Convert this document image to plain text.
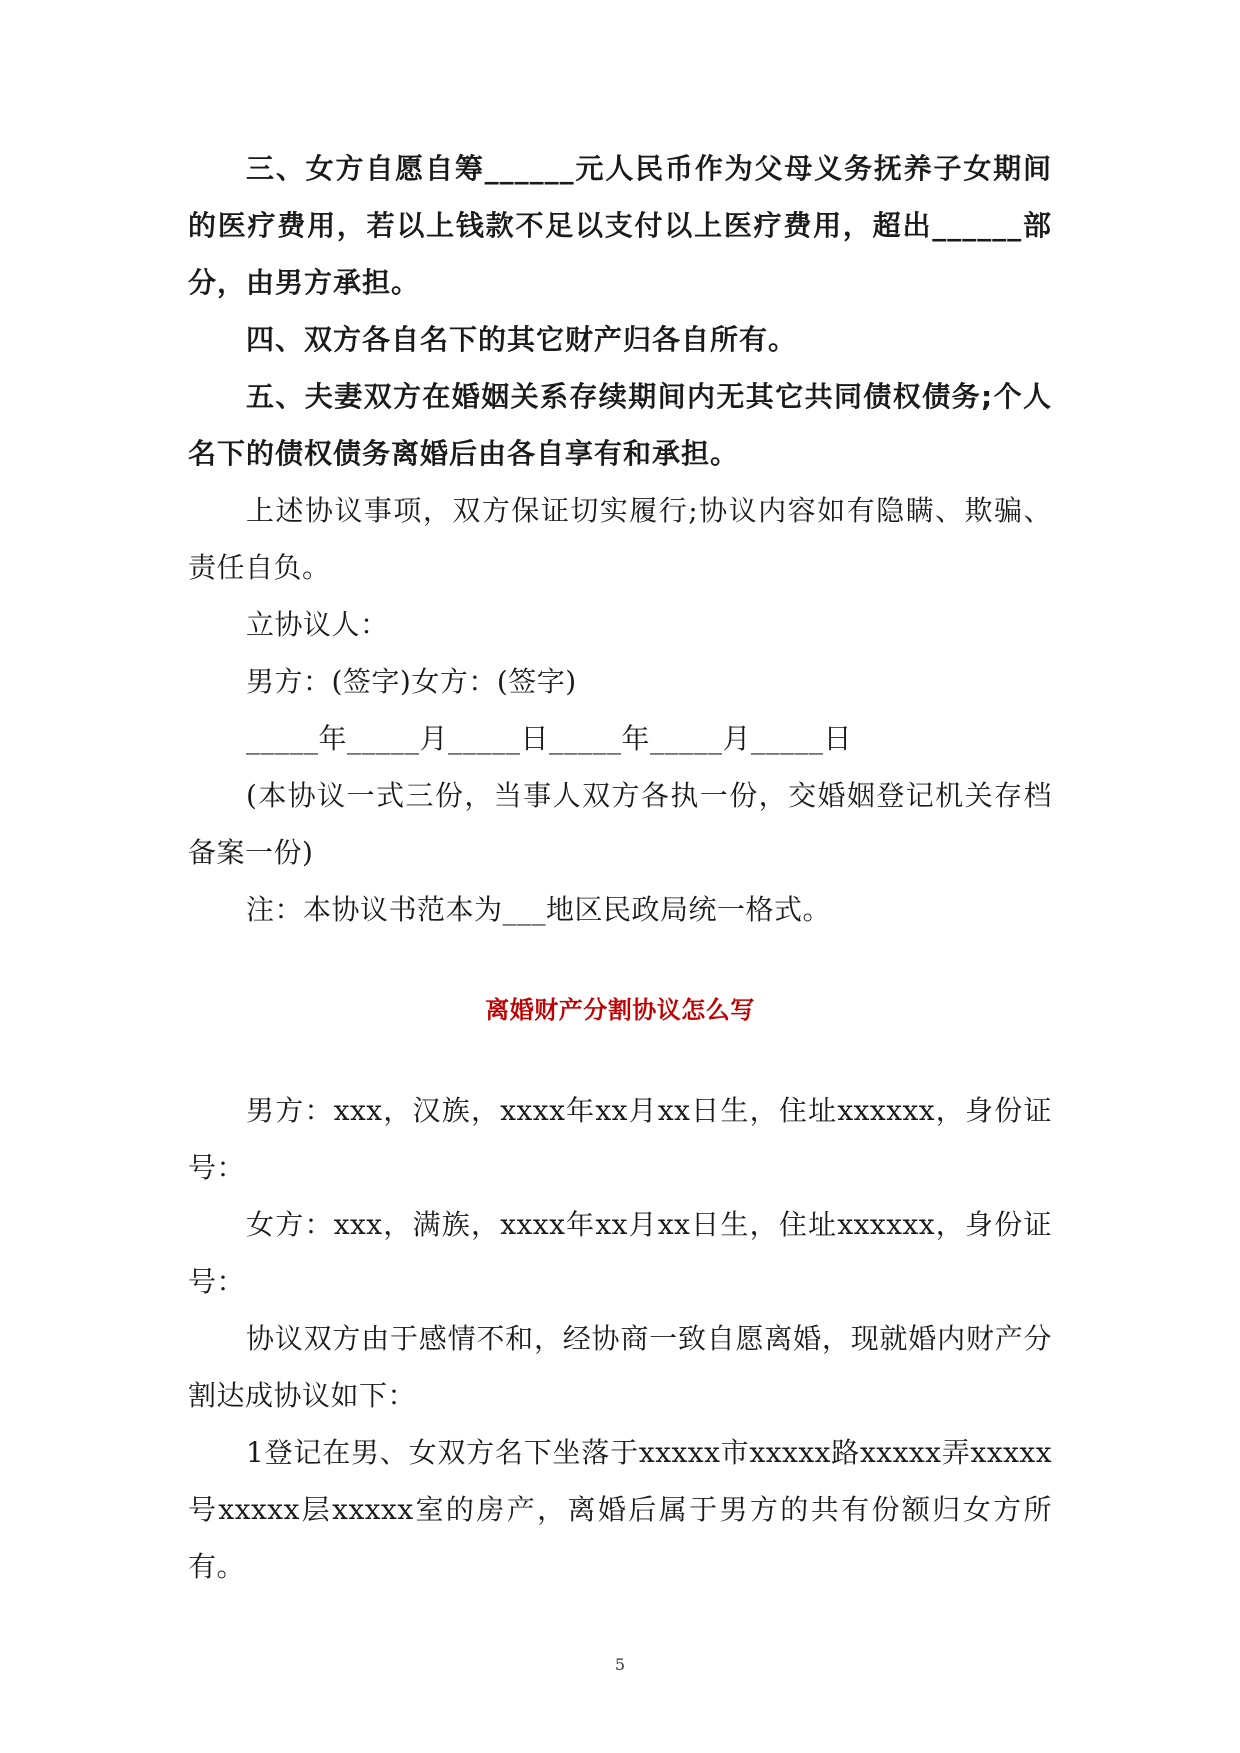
三、女方自愿自筹______元人民币作为父母义务抚养子女期间的医疗费用，若以上钱款不足以支付以上医疗费用，超出______部分，由男方承担。

四、双方各自名下的其它财产归各自所有。

五、夫妻双方在婚姻关系存续期间内无其它共同债权债务;个人名下的债权债务离婚后由各自享有和承担。

上述协议事项，双方保证切实履行;协议内容如有隐瞒、欺骗、责任自负。

立协议人：

男方：(签字)女方：(签字)

_____年_____月_____日_____年_____月_____日

(本协议一式三份，当事人双方各执一份，交婚姻登记机关存档备案一份)

注：本协议书范本为___地区民政局统一格式。

离婚财产分割协议怎么写

男方：xxx，汉族，xxxx年xx月xx日生，住址xxxxxx，身份证号：

女方：xxx，满族，xxxx年xx月xx日生，住址xxxxxx，身份证号：

协议双方由于感情不和，经协商一致自愿离婚，现就婚内财产分割达成协议如下：

1登记在男、女双方名下坐落于xxxxx市xxxxx路xxxxx弄xxxxx号xxxxx层xxxxx室的房产，离婚后属于男方的共有份额归女方所有。

5
